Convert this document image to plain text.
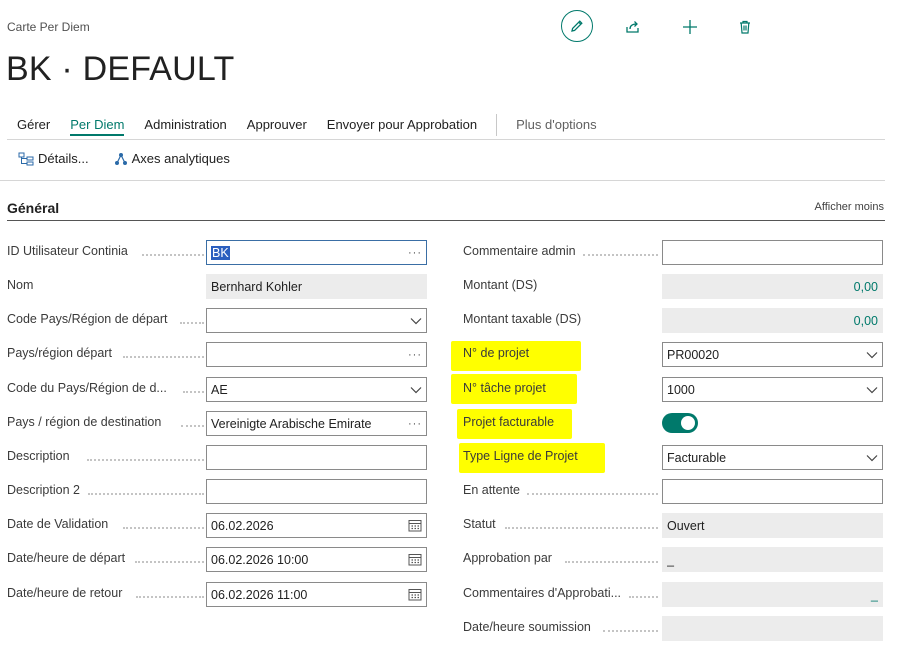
Carte Per Diem
BK · DEFAULT
Gérer	Per Diem	Administration	Approuver	Envoyer pour Approbation	Plus d'options
Détails...	Axes analytiques
Général	Afficher moins
ID Utilisateur Continia	BK	···
Nom	Bernhard Kohler
Code Pays/Région de départ
Pays/région départ	···
Code du Pays/Région de d...	AE
Pays / région de destination	Vereinigte Arabische Emirate	···
Description
Description 2
Date de Validation	06.02.2026
Date/heure de départ	06.02.2026 10:00
Date/heure de retour	06.02.2026 11:00
Commentaire admin
Montant (DS)	0,00
Montant taxable (DS)	0,00
N° de projet	PR00020
N° tâche projet	1000
Projet facturable
Type Ligne de Projet	Facturable
En attente
Statut	Ouvert
Approbation par	_
Commentaires d'Approbati...	_
Date/heure soumission
